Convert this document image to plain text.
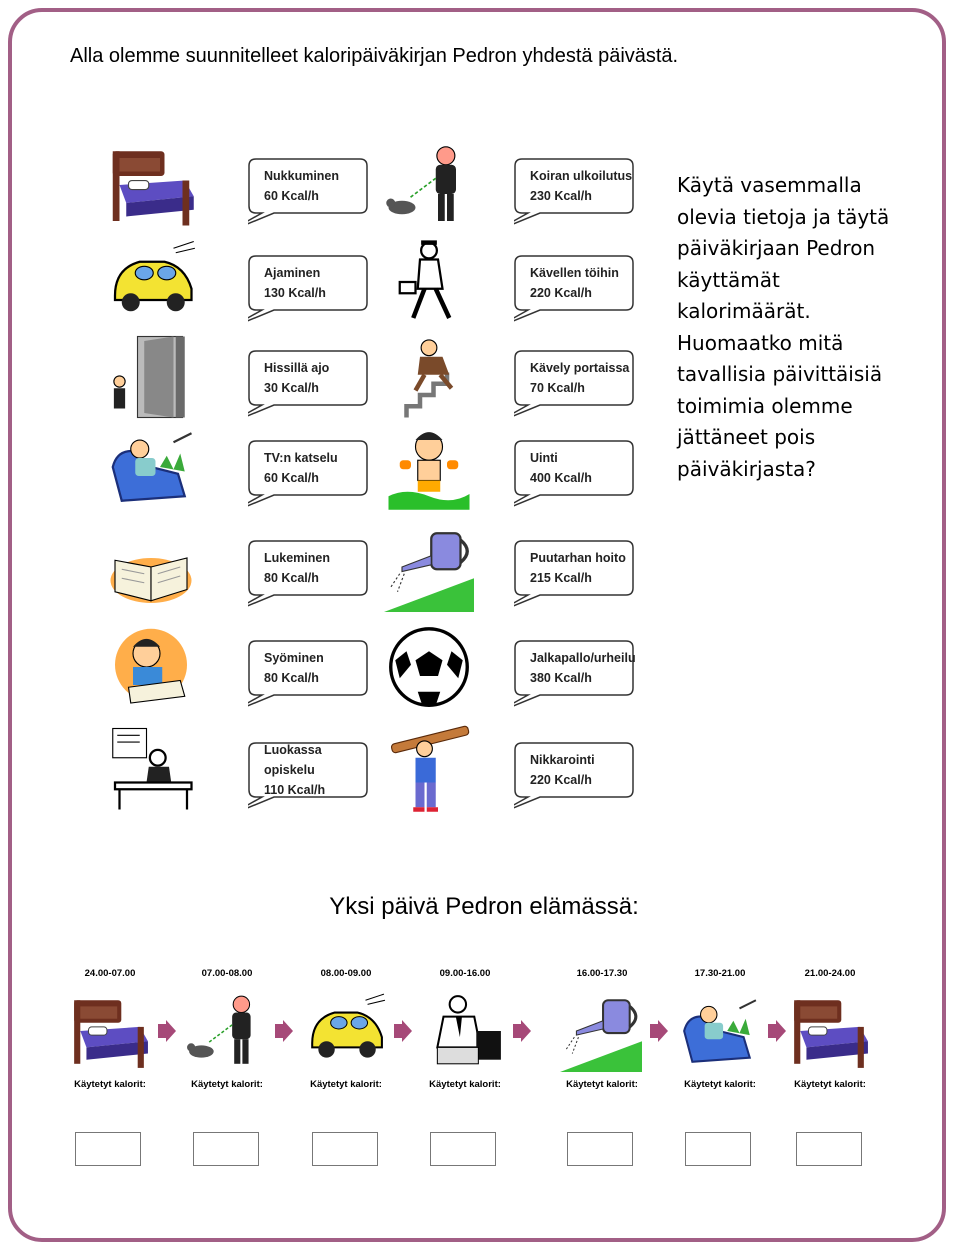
Alla olemme suunnitelleet kaloripäiväkirjan Pedron yhdestä päivästä.
Käytä vasemmalla olevia tietoja ja täytä päiväkirjaan Pedron käyttämät kalorimäärät. Huomaatko mitä tavallisia päivittäisiä toimimia olemme jättäneet pois päiväkirjasta?
Nukkuminen
60 Kcal/h
Koiran ulkoilutus
230 Kcal/h
Ajaminen
130 Kcal/h
Kävellen töihin
220 Kcal/h
Hissillä ajo
30 Kcal/h
Kävely portaissa
70 Kcal/h
TV:n katselu
60 Kcal/h
Uinti
400 Kcal/h
Lukeminen
80 Kcal/h
Puutarhan hoito
215 Kcal/h
Syöminen
80 Kcal/h
Jalkapallo/urheilu
380 Kcal/h
Luokassa opiskelu
110 Kcal/h
Nikkarointi
220 Kcal/h
Yksi päivä Pedron elämässä:
24.00-07.00
Käytetyt kalorit:
07.00-08.00
Käytetyt kalorit:
08.00-09.00
Käytetyt kalorit:
09.00-16.00
Käytetyt kalorit:
16.00-17.30
Käytetyt kalorit:
17.30-21.00
Käytetyt kalorit:
21.00-24.00
Käytetyt kalorit:
